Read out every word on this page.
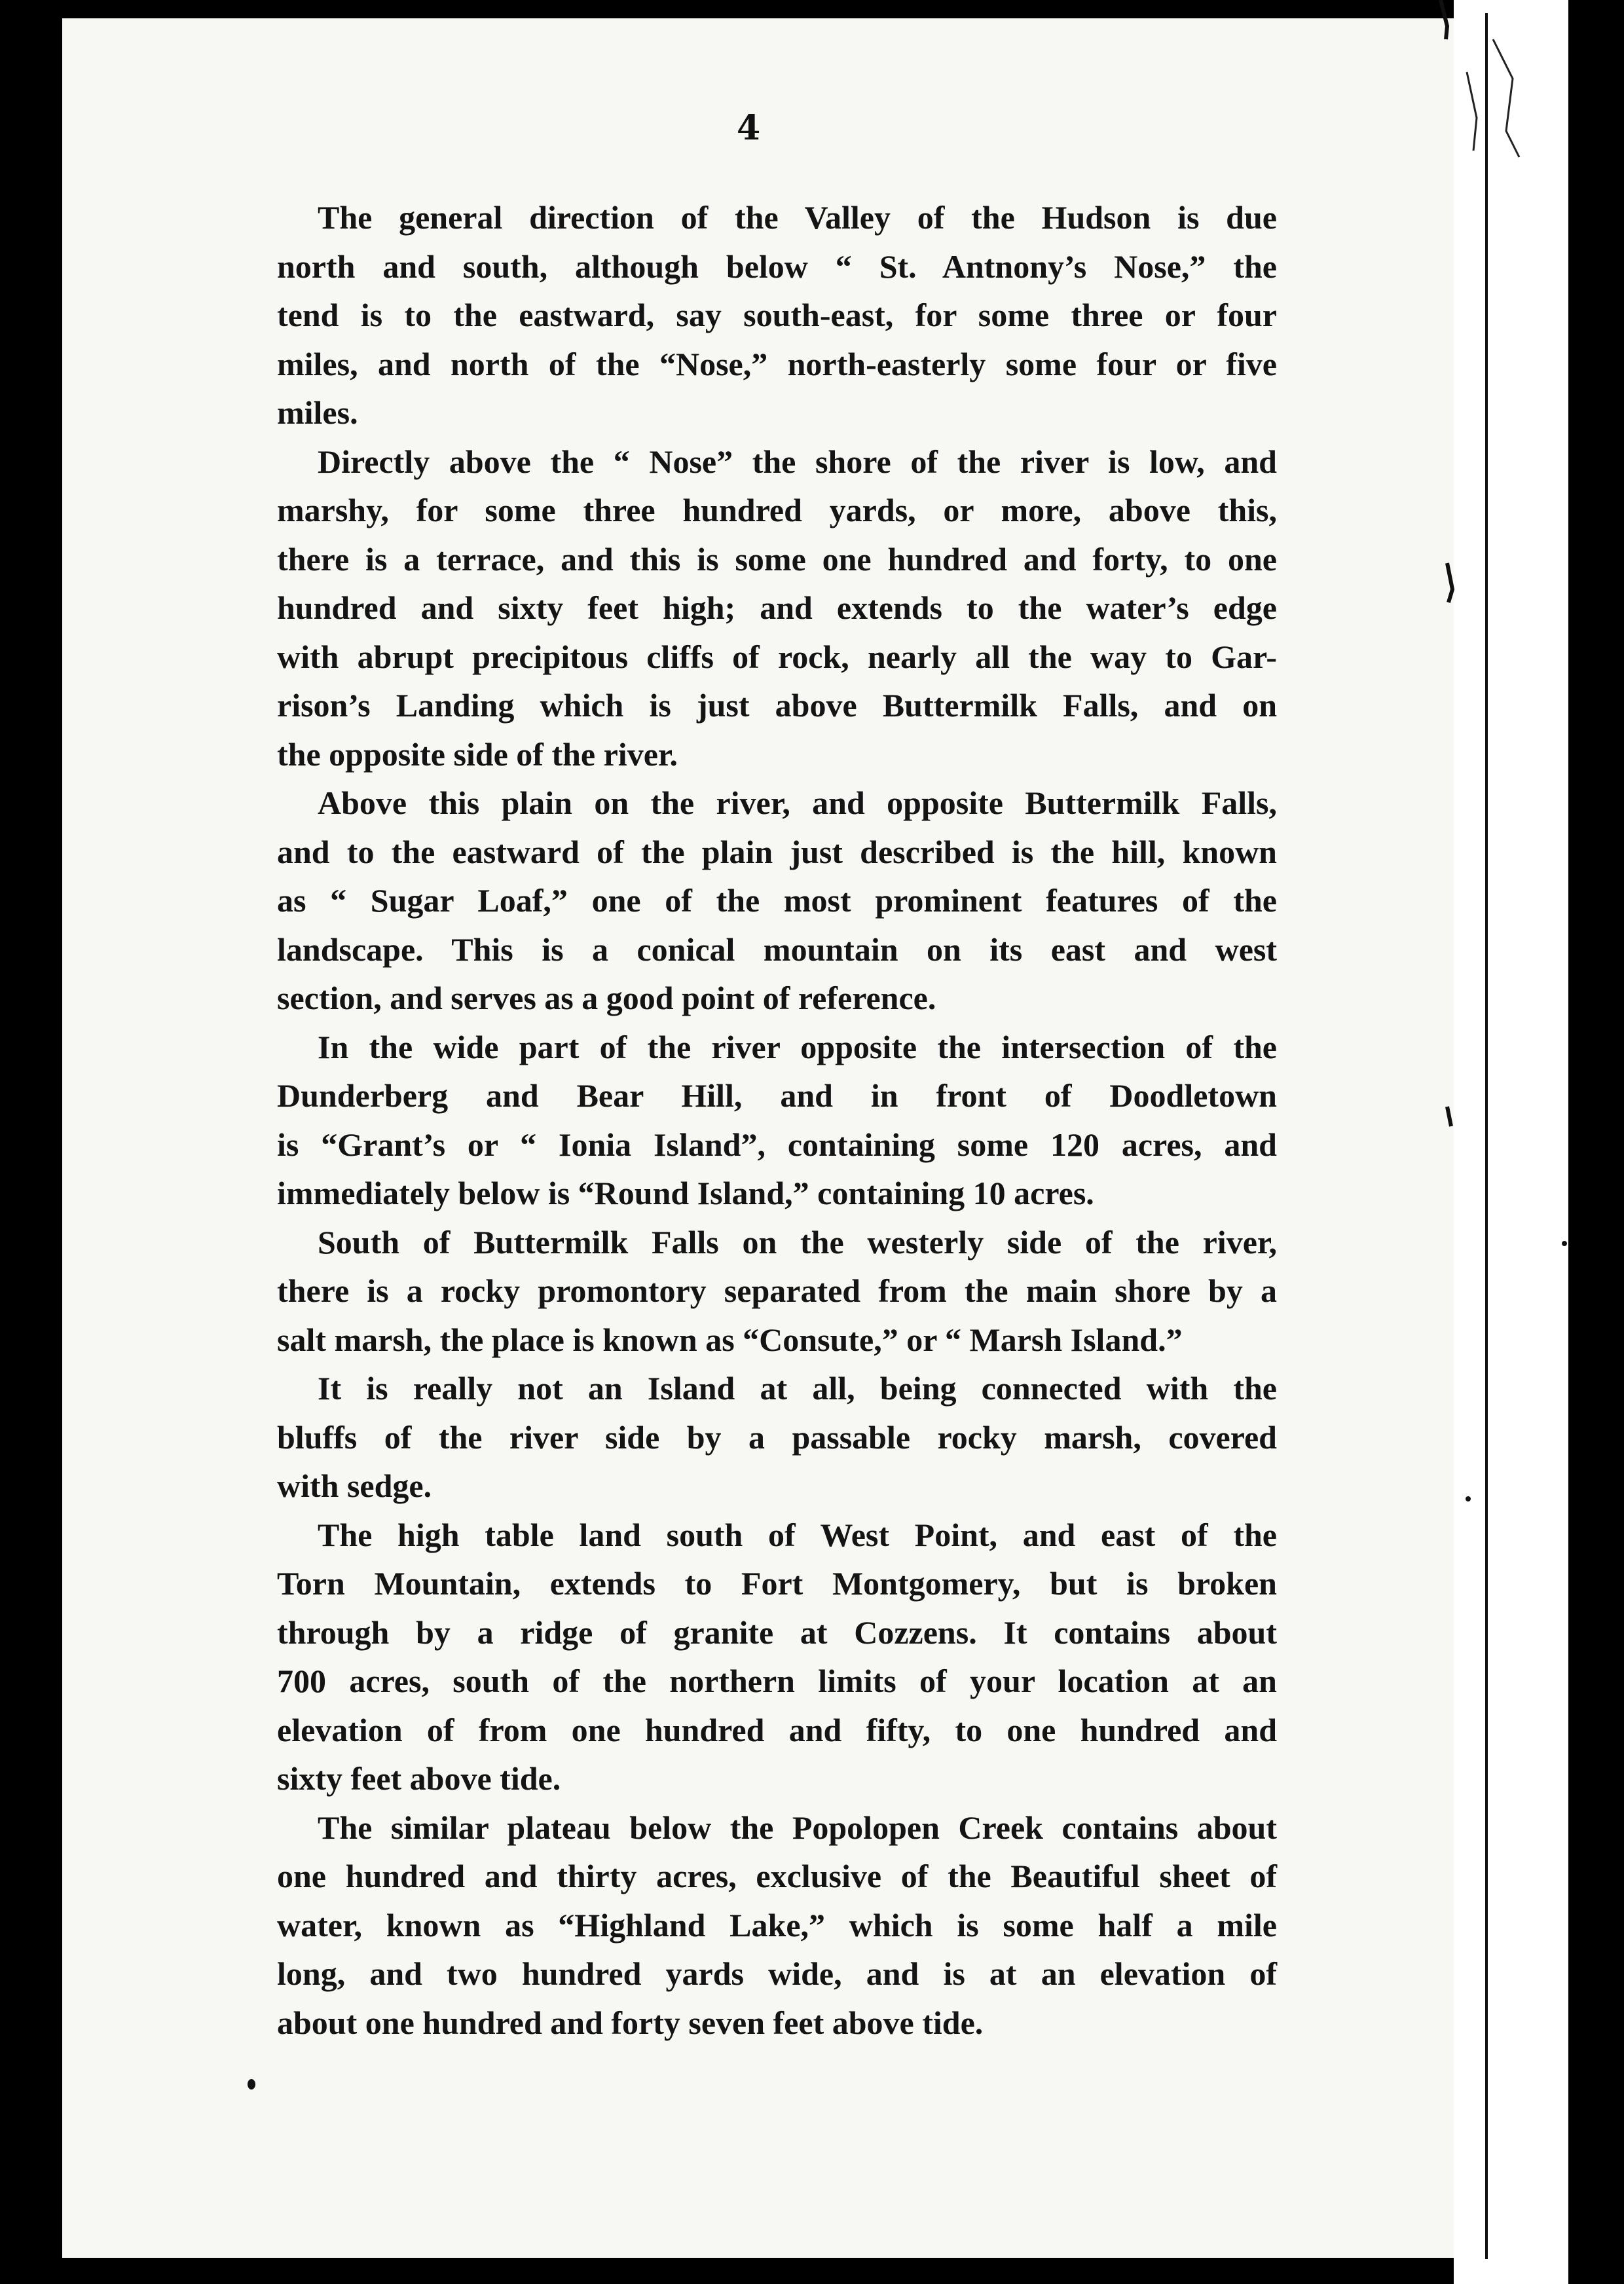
4
The general direction of the Valley of the Hudson is due
north and south, although below “ St. Antnony’s Nose,” the
tend is to the eastward, say south-east, for some three or four
miles, and north of the “Nose,” north-easterly some four or five
miles.
Directly above the “ Nose” the shore of the river is low, and
marshy, for some three hundred yards, or more, above this,
there is a terrace, and this is some one hundred and forty, to one
hundred and sixty feet high; and extends to the water’s edge
with abrupt precipitous cliffs of rock, nearly all the way to Gar-
rison’s Landing which is just above Buttermilk Falls, and on
the opposite side of the river.
Above this plain on the river, and opposite Buttermilk Falls,
and to the eastward of the plain just described is the hill, known
as “ Sugar Loaf,” one of the most prominent features of the
landscape. This is a conical mountain on its east and west
section, and serves as a good point of reference.
In the wide part of the river opposite the intersection of the
Dunderberg and Bear Hill, and in front of Doodletown
is “Grant’s or “ Ionia Island”, containing some 120 acres, and
immediately below is “Round Island,” containing 10 acres.
South of Buttermilk Falls on the westerly side of the river,
there is a rocky promontory separated from the main shore by a
salt marsh, the place is known as “Consute,” or “ Marsh Island.”
It is really not an Island at all, being connected with the
bluffs of the river side by a passable rocky marsh, covered
with sedge.
The high table land south of West Point, and east of the
Torn Mountain, extends to Fort Montgomery, but is broken
through by a ridge of granite at Cozzens. It contains about
700 acres, south of the northern limits of your location at an
elevation of from one hundred and fifty, to one hundred and
sixty feet above tide.
The similar plateau below the Popolopen Creek contains about
one hundred and thirty acres, exclusive of the Beautiful sheet of
water, known as “Highland Lake,” which is some half a mile
long, and two hundred yards wide, and is at an elevation of
about one hundred and forty seven feet above tide.
